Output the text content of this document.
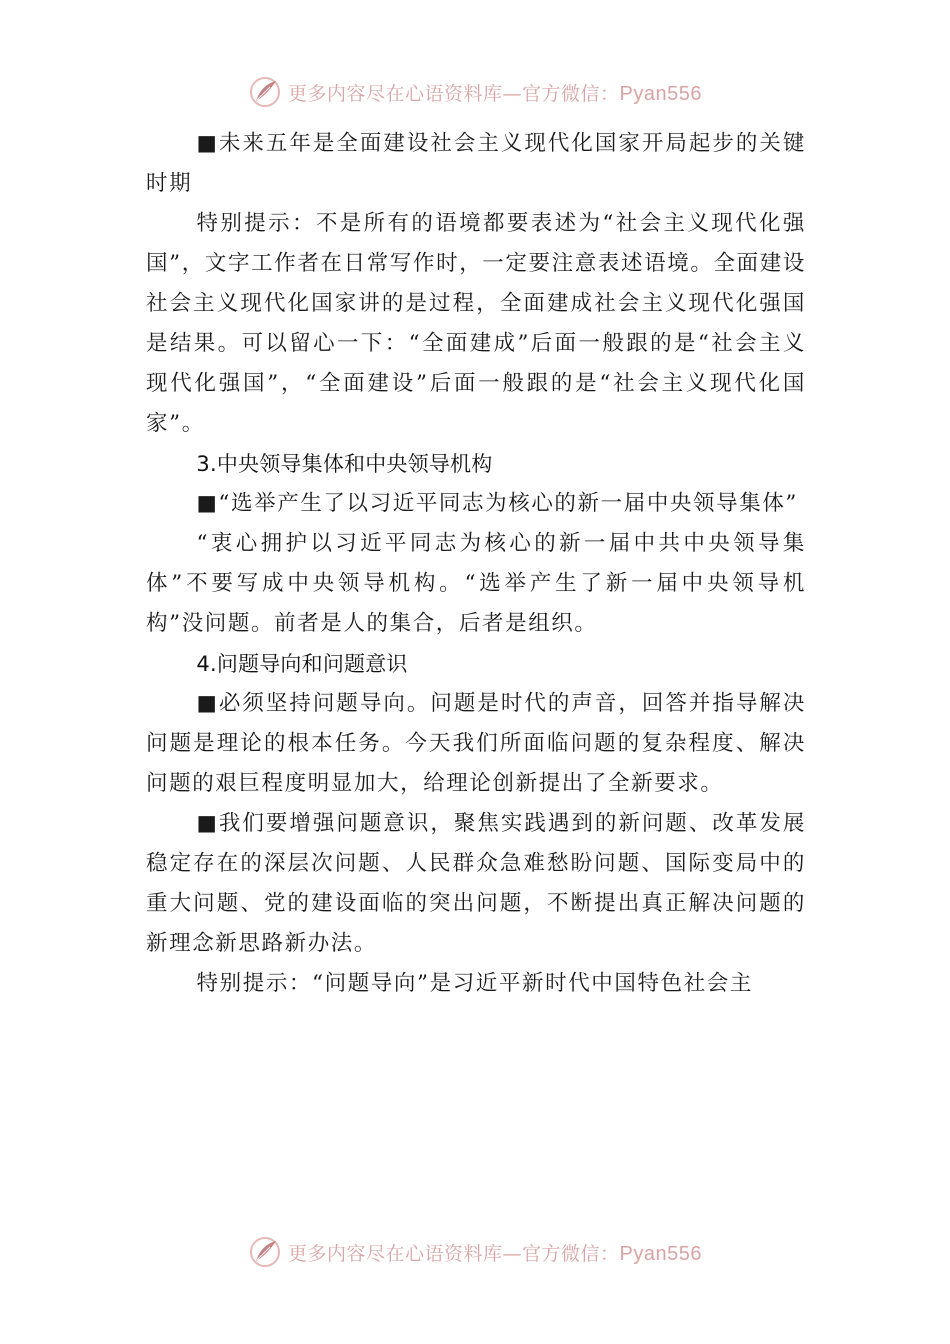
更多内容尽在心语资料库—官方微信：Pyan556

■未来五年是全面建设社会主义现代化国家开局起步的关键时期

特别提示：不是所有的语境都要表述为“社会主义现代化强国”，文字工作者在日常写作时，一定要注意表述语境。全面建设社会主义现代化国家讲的是过程，全面建成社会主义现代化强国是结果。可以留心一下：“全面建成”后面一般跟的是“社会主义现代化强国”，“全面建设”后面一般跟的是“社会主义现代化国家”。

3.中央领导集体和中央领导机构

■“选举产生了以习近平同志为核心的新一届中央领导集体”

“衷心拥护以习近平同志为核心的新一届中共中央领导集体”不要写成中央领导机构。“选举产生了新一届中央领导机构”没问题。前者是人的集合，后者是组织。

4.问题导向和问题意识

■必须坚持问题导向。问题是时代的声音，回答并指导解决问题是理论的根本任务。今天我们所面临问题的复杂程度、解决问题的艰巨程度明显加大，给理论创新提出了全新要求。

■我们要增强问题意识，聚焦实践遇到的新问题、改革发展稳定存在的深层次问题、人民群众急难愁盼问题、国际变局中的重大问题、党的建设面临的突出问题，不断提出真正解决问题的新理念新思路新办法。

特别提示：“问题导向”是习近平新时代中国特色社会主

更多内容尽在心语资料库—官方微信：Pyan556
